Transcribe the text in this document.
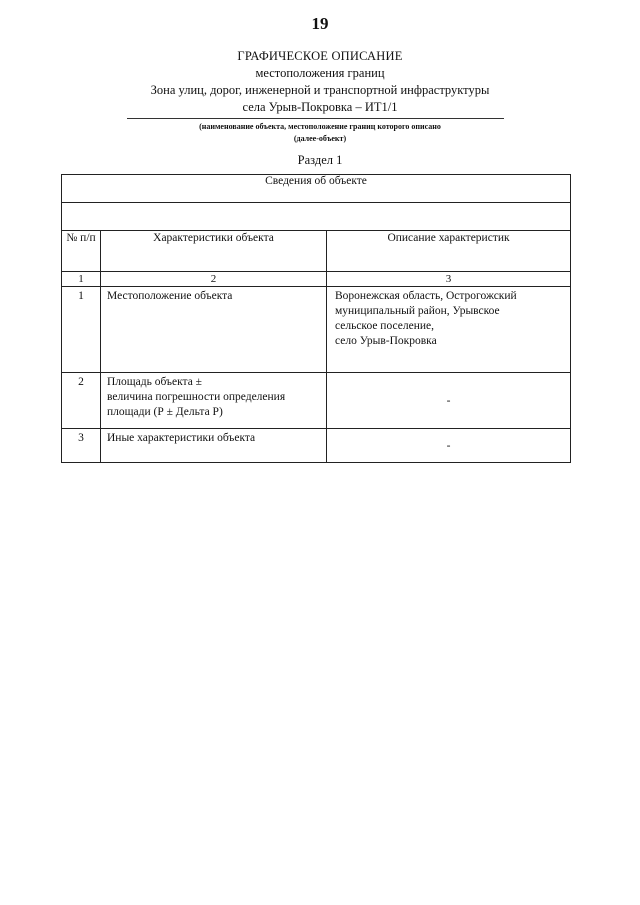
19
ГРАФИЧЕСКОЕ ОПИСАНИЕ
местоположения границ
Зона улиц, дорог, инженерной и транспортной инфраструктуры
села Урыв-Покровка – ИТ1/1
(наименование объекта, местоположение границ которого описано
(далее-объект)
Раздел 1
Сведения об объекте		

№ п/п	Характеристики объекта	Описание характеристик
1	2	3
1	Местоположение объекта	Воронежская область, Острогожский
муниципальный район, Урывское
сельское поселение,
село Урыв-Покровка

2	Площадь объекта ±
величина погрешности определения
площади (Р ± Дельта Р)	-
3	Иные характеристики объекта	-
